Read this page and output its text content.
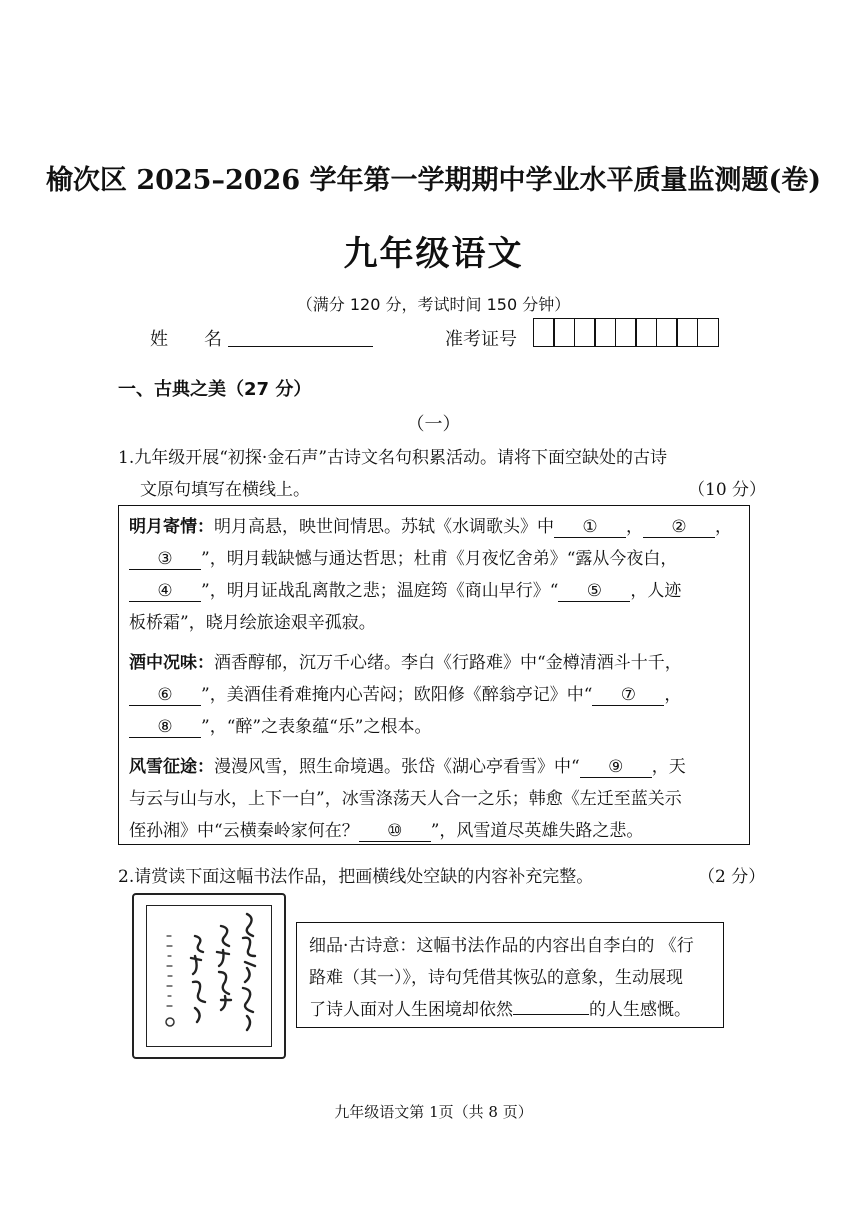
榆次区 2025–2026 学年第一学期期中学业水平质量监测题(卷)
九年级语文
（满分 120 分，考试时间 150 分钟）
姓　　名	准考证号
一、古典之美（27 分）
（一）
1.九年级开展“初探·金石声”古诗文名句积累活动。请将下面空缺处的古诗
文原句填写在横线上。	（10 分）
明月寄情：明月高悬，映世间情思。苏轼《水调歌头》中 ① ， ② ，
③ ”，明月载缺憾与通达哲思；杜甫《月夜忆舍弟》“露从今夜白，
④ ”，明月证战乱离散之悲；温庭筠《商山早行》“ ⑤ ，人迹
板桥霜”，晓月绘旅途艰辛孤寂。
酒中况味：酒香醇郁，沉万千心绪。李白《行路难》中“金樽清酒斗十千，
⑥ ”，美酒佳肴难掩内心苦闷；欧阳修《醉翁亭记》中“ ⑦ ，
⑧ ”，“醉”之表象蕴“乐”之根本。
风雪征途：漫漫风雪，照生命境遇。张岱《湖心亭看雪》中“ ⑨ ，天
与云与山与水，上下一白”，冰雪涤荡天人合一之乐；韩愈《左迁至蓝关示
侄孙湘》中“云横秦岭家何在？ ⑩ ”，风雪道尽英雄失路之悲。
2.请赏读下面这幅书法作品，把画横线处空缺的内容补充完整。	（2 分）
细品·古诗意：这幅书法作品的内容出自李白的 《行
路难（其一）》，诗句凭借其恢弘的意象，生动展现
了诗人面对人生困境却依然	的人生感慨。
九年级语文第 1页（共 8 页）
